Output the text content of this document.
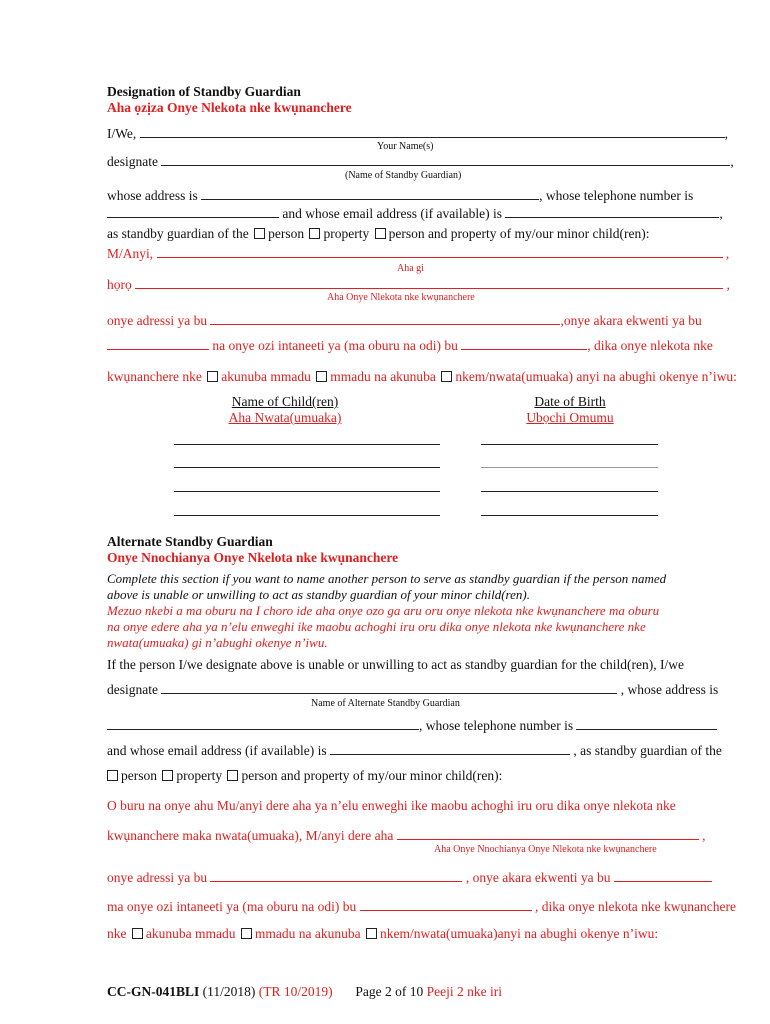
Designation of Standby Guardian
Aha ọzịza Onye Nlekota nke kwụnanchere
I/We,	,
Your Name(s)
designate	,
(Name of Standby Guardian)
whose address is	, whose telephone number is
and whose email address (if available) is	,
as standby guardian of the person property person and property of my/our minor child(ren):
M/Anyi,	,
Aha gi
họrọ	,
Aha Onye Nlekota nke kwụnanchere
onye adressi ya bu	,onye akara ekwenti ya bu
na onye ozi intaneeti ya (ma oburu na odi) bu	, dika onye nlekota nke
kwụnanchere nke akunuba mmadu mmadu na akunuba nkem/nwata(umuaka) anyi na abughi okenye n’iwu:
Name of Child(ren)
Aha Nwata(umuaka)
Date of Birth
Ubọchi Omumu
Alternate Standby Guardian
Onye Nnochianya Onye Nkelota nke kwụnanchere
Complete this section if you want to name another person to serve as standby guardian if the person named
above is unable or unwilling to act as standby guardian of your minor child(ren).
Mezuo nkebi a ma oburu na I choro ide aha onye ozo ga aru oru onye nlekota nke kwụnanchere ma oburu
na onye edere aha ya n’elu enweghi ike maobu achoghi iru oru dika onye nlekota nke kwụnanchere nke
nwata(umuaka) gi n’abughi okenye n’iwu.
If the person I/we designate above is unable or unwilling to act as standby guardian for the child(ren), I/we
designate	, whose address is
Name of Alternate Standby Guardian
, whose telephone number is
and whose email address (if available) is	, as standby guardian of the
person property person and property of my/our minor child(ren):
O buru na onye ahu Mu/anyi dere aha ya n’elu enweghi ike maobu achoghi iru oru dika onye nlekota nke
kwụnanchere maka nwata(umuaka), M/anyi dere aha	,
Aha Onye Nnochianya Onye Nlekota nke kwụnanchere
onye adressi ya bu	, onye akara ekwenti ya bu
ma onye ozi intaneeti ya (ma oburu na odi) bu	, dika onye nlekota nke kwụnanchere
nke akunuba mmadu mmadu na akunuba nkem/nwata(umuaka)anyi na abughi okenye n’iwu:
CC-GN-041BLI (11/2018) (TR 10/2019) Page 2 of 10 Peeji 2 nke iri
